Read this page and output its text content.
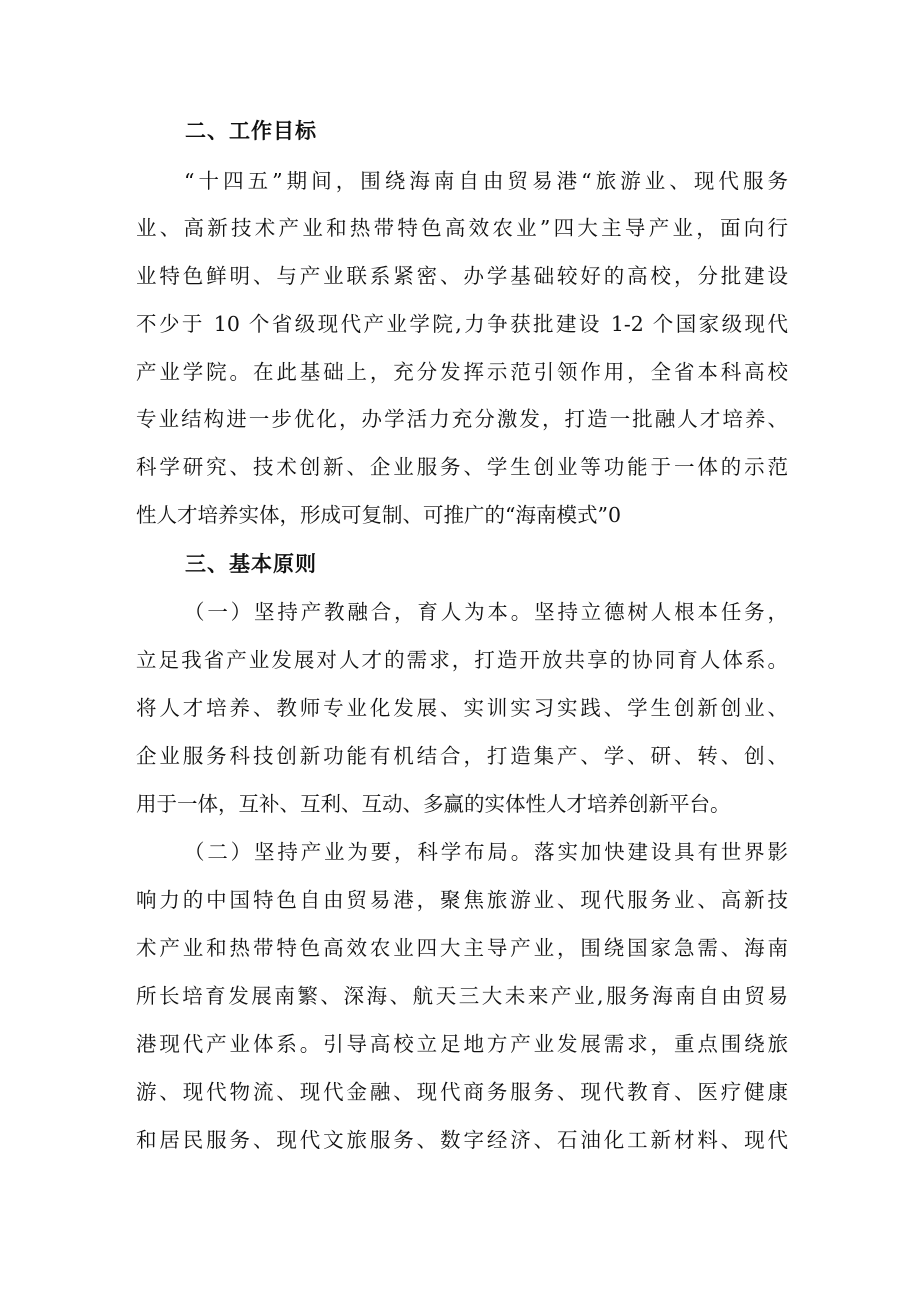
二、工作目标
“十四五”期间，围绕海南自由贸易港“旅游业、现代服务
业、高新技术产业和热带特色高效农业”四大主导产业，面向行
业特色鲜明、与产业联系紧密、办学基础较好的高校，分批建设
不少于 10 个省级现代产业学院,力争获批建设 1-2 个国家级现代
产业学院。在此基础上，充分发挥示范引领作用，全省本科高校
专业结构进一步优化，办学活力充分激发，打造一批融人才培养、
科学研究、技术创新、企业服务、学生创业等功能于一体的示范
性人才培养实体，形成可复制、可推广的“海南模式”0
三、基本原则
（一）坚持产教融合，育人为本。坚持立德树人根本任务，
立足我省产业发展对人才的需求，打造开放共享的协同育人体系。
将人才培养、教师专业化发展、实训实习实践、学生创新创业、
企业服务科技创新功能有机结合，打造集产、学、研、转、创、
用于一体，互补、互利、互动、多赢的实体性人才培养创新平台。
（二）坚持产业为要，科学布局。落实加快建设具有世界影
响力的中国特色自由贸易港，聚焦旅游业、现代服务业、高新技
术产业和热带特色高效农业四大主导产业，围绕国家急需、海南
所长培育发展南繁、深海、航天三大未来产业,服务海南自由贸易
港现代产业体系。引导高校立足地方产业发展需求，重点围绕旅
游、现代物流、现代金融、现代商务服务、现代教育、医疗健康
和居民服务、现代文旅服务、数字经济、石油化工新材料、现代
